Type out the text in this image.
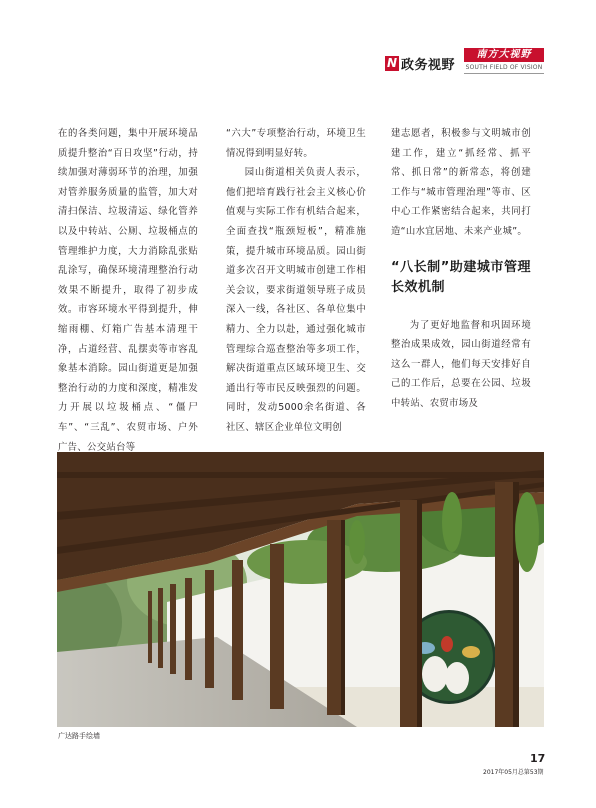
N 政务视野
南方大视野
SOUTH FIELD OF VISION

在的各类问题，集中开展环境品质提升整治“百日攻坚”行动，持续加强对薄弱环节的治理，加强对管养服务质量的监管，加大对清扫保洁、垃圾清运、绿化管养以及中转站、公厕、垃圾桶点的管理维护力度，大力消除乱张贴乱涂写，确保环境清理整治行动效果不断提升，取得了初步成效。市容环境水平得到提升，伸缩雨棚、灯箱广告基本清理干净，占道经营、乱摆卖等市容乱象基本消除。园山街道更是加强整治行动的力度和深度，精准发力开展以垃圾桶点、“僵尸车”、“三乱”、农贸市场、户外广告、公交站台等

“六大”专项整治行动，环境卫生情况得到明显好转。

园山街道相关负责人表示，他们把培育践行社会主义核心价值观与实际工作有机结合起来，全面查找“瓶颈短板”，精准施策，提升城市环境品质。园山街道多次召开文明城市创建工作相关会议，要求街道领导班子成员深入一线，各社区、各单位集中精力、全力以赴，通过强化城市管理综合巡查整治等多项工作，解决街道重点区域环境卫生、交通出行等市民反映强烈的问题。同时，发动5000余名街道、各社区、辖区企业单位文明创

建志愿者，积极参与文明城市创建工作，建立“抓经常、抓平常、抓日常”的新常态，将创建工作与“城市管理治理”等市、区中心工作紧密结合起来，共同打造“山水宜居地、未来产业城”。

“八长制”助建城市管理长效机制

为了更好地监督和巩固环境整治成果成效，园山街道经常有这么一群人，他们每天安排好自己的工作后，总要在公园、垃圾中转站、农贸市场及

广达路手绘墙
17
2017年05月总第53期
